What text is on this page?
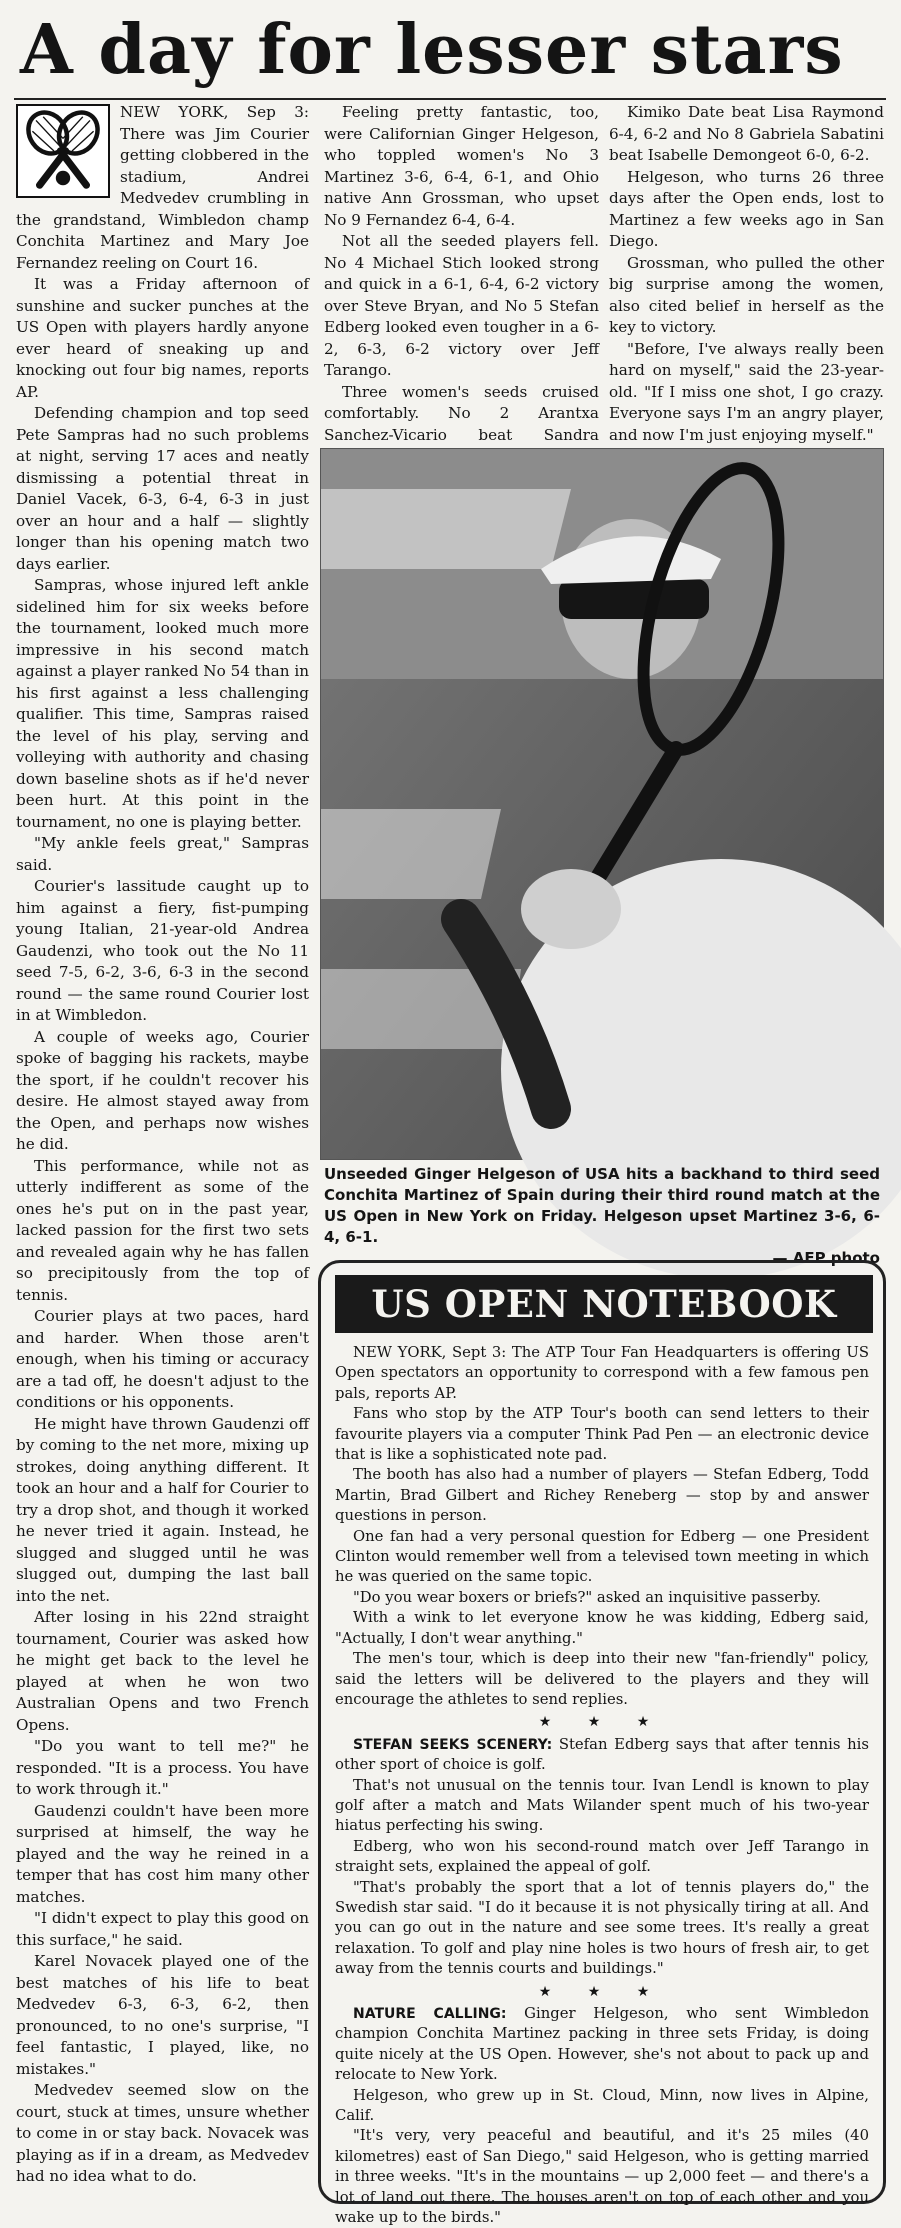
A day for lesser stars

NEW YORK, Sep 3: There was Jim Courier getting clobbered in the stadium, Andrei Medvedev crumbling in the grandstand, Wimbledon champ Conchita Martinez and Mary Joe Fernandez reeling on Court 16.

It was a Friday afternoon of sunshine and sucker punches at the US Open with players hardly anyone ever heard of sneaking up and knocking out four big names, reports AP.

Defending champion and top seed Pete Sampras had no such problems at night, serving 17 aces and neatly dismissing a potential threat in Daniel Vacek, 6-3, 6-4, 6-3 in just over an hour and a half — slightly longer than his opening match two days earlier.

Sampras, whose injured left ankle sidelined him for six weeks before the tournament, looked much more impressive in his second match against a player ranked No 54 than in his first against a less challenging qualifier. This time, Sampras raised the level of his play, serving and volleying with authority and chasing down baseline shots as if he'd never been hurt. At this point in the tournament, no one is playing better.

"My ankle feels great," Sampras said.

Courier's lassitude caught up to him against a fiery, fist-pumping young Italian, 21-year-old Andrea Gaudenzi, who took out the No 11 seed 7-5, 6-2, 3-6, 6-3 in the second round — the same round Courier lost in at Wimbledon.

A couple of weeks ago, Courier spoke of bagging his rackets, maybe the sport, if he couldn't recover his desire. He almost stayed away from the Open, and perhaps now wishes he did.

This performance, while not as utterly indifferent as some of the ones he's put on in the past year, lacked passion for the first two sets and revealed again why he has fallen so precipitously from the top of tennis.

Courier plays at two paces, hard and harder. When those aren't enough, when his timing or accuracy are a tad off, he doesn't adjust to the conditions or his opponents.

He might have thrown Gaudenzi off by coming to the net more, mixing up strokes, doing anything different. It took an hour and a half for Courier to try a drop shot, and though it worked he never tried it again. Instead, he slugged and slugged until he was slugged out, dumping the last ball into the net.

After losing in his 22nd straight tournament, Courier was asked how he might get back to the level he played at when he won two Australian Opens and two French Opens.

"Do you want to tell me?" he responded. "It is a process. You have to work through it."

Gaudenzi couldn't have been more surprised at himself, the way he played and the way he reined in a temper that has cost him many other matches.

"I didn't expect to play this good on this surface," he said.

Karel Novacek played one of the best matches of his life to beat Medvedev 6-3, 6-3, 6-2, then pronounced, to no one's surprise, "I feel fantastic, I played, like, no mistakes."

Medvedev seemed slow on the court, stuck at times, unsure whether to come in or stay back. Novacek was playing as if in a dream, as Medvedev had no idea what to do.

Feeling pretty fantastic, too, were Californian Ginger Helgeson, who toppled women's No 3 Martinez 3-6, 6-4, 6-1, and Ohio native Ann Grossman, who upset No 9 Fernandez 6-4, 6-4.

Not all the seeded players fell. No 4 Michael Stich looked strong and quick in a 6-1, 6-4, 6-2 victory over Steve Bryan, and No 5 Stefan Edberg looked even tougher in a 6-2, 6-3, 6-2 victory over Jeff Tarango.

Three women's seeds cruised comfortably. No 2 Arantxa Sanchez-Vicario beat Sandra

Kimiko Date beat Lisa Raymond 6-4, 6-2 and No 8 Gabriela Sabatini beat Isabelle Demongeot 6-0, 6-2.

Helgeson, who turns 26 three days after the Open ends, lost to Martinez a few weeks ago in San Diego.

Grossman, who pulled the other big surprise among the women, also cited belief in herself as the key to victory.

"Before, I've always really been hard on myself," said the 23-year-old. "If I miss one shot, I go crazy. Everyone says I'm an angry player, and now I'm just enjoying myself."

Unseeded Ginger Helgeson of USA hits a backhand to third seed Conchita Martinez of Spain during their third round match at the US Open in New York on Friday. Helgeson upset Martinez 3-6, 6-4, 6-1.
— AFP photo

US OPEN NOTEBOOK

NEW YORK, Sept 3: The ATP Tour Fan Headquarters is offering US Open spectators an opportunity to correspond with a few famous pen pals, reports AP.

Fans who stop by the ATP Tour's booth can send letters to their favourite players via a computer Think Pad Pen — an electronic device that is like a sophisticated note pad.

The booth has also had a number of players — Stefan Edberg, Todd Martin, Brad Gilbert and Richey Reneberg — stop by and answer questions in person.

One fan had a very personal question for Edberg — one President Clinton would remember well from a televised town meeting in which he was queried on the same topic.

"Do you wear boxers or briefs?" asked an inquisitive passerby.

With a wink to let everyone know he was kidding, Edberg said, "Actually, I don't wear anything."

The men's tour, which is deep into their new "fan-friendly" policy, said the letters will be delivered to the players and they will encourage the athletes to send replies.

★ ★ ★

STEFAN SEEKS SCENERY: Stefan Edberg says that after tennis his other sport of choice is golf.

That's not unusual on the tennis tour. Ivan Lendl is known to play golf after a match and Mats Wilander spent much of his two-year hiatus perfecting his swing.

Edberg, who won his second-round match over Jeff Tarango in straight sets, explained the appeal of golf.

"That's probably the sport that a lot of tennis players do," the Swedish star said. "I do it because it is not physically tiring at all. And you can go out in the nature and see some trees. It's really a great relaxation. To golf and play nine holes is two hours of fresh air, to get away from the tennis courts and buildings."

★ ★ ★

NATURE CALLING: Ginger Helgeson, who sent Wimbledon champion Conchita Martinez packing in three sets Friday, is doing quite nicely at the US Open. However, she's not about to pack up and relocate to New York.

Helgeson, who grew up in St. Cloud, Minn, now lives in Alpine, Calif.

"It's very, very peaceful and beautiful, and it's 25 miles (40 kilometres) east of San Diego," said Helgeson, who is getting married in three weeks. "It's in the mountains — up 2,000 feet — and there's a lot of land out there. The houses aren't on top of each other and you wake up to the birds."
